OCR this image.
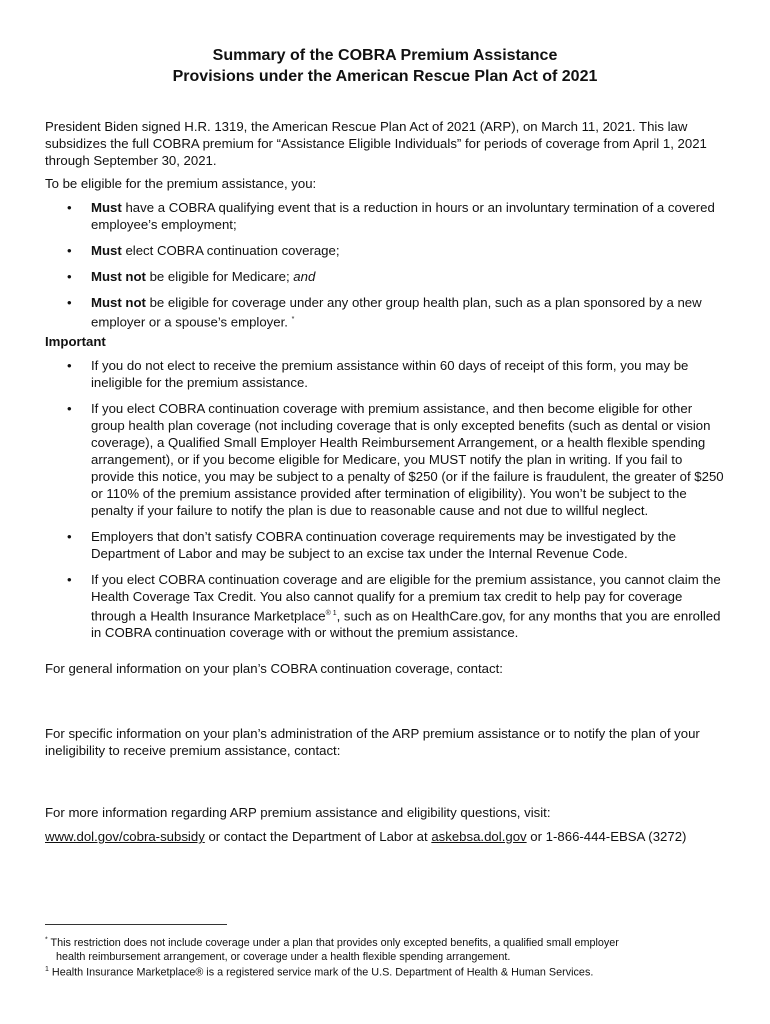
Summary of the COBRA Premium Assistance
Provisions under the American Rescue Plan Act of 2021
President Biden signed H.R. 1319, the American Rescue Plan Act of 2021 (ARP), on March 11, 2021. This law subsidizes the full COBRA premium for “Assistance Eligible Individuals” for periods of coverage from April 1, 2021 through September 30, 2021.
To be eligible for the premium assistance, you:
• Must have a COBRA qualifying event that is a reduction in hours or an involuntary termination of a covered employee’s employment;
• Must elect COBRA continuation coverage;
• Must not be eligible for Medicare; and
• Must not be eligible for coverage under any other group health plan, such as a plan sponsored by a new employer or a spouse’s employer. *
Important
• If you do not elect to receive the premium assistance within 60 days of receipt of this form, you may be ineligible for the premium assistance.
• If you elect COBRA continuation coverage with premium assistance, and then become eligible for other group health plan coverage (not including coverage that is only excepted benefits (such as dental or vision coverage), a Qualified Small Employer Health Reimbursement Arrangement, or a health flexible spending arrangement), or if you become eligible for Medicare, you MUST notify the plan in writing. If you fail to provide this notice, you may be subject to a penalty of $250 (or if the failure is fraudulent, the greater of $250 or 110% of the premium assistance provided after termination of eligibility). You won’t be subject to the penalty if your failure to notify the plan is due to reasonable cause and not due to willful neglect.
• Employers that don’t satisfy COBRA continuation coverage requirements may be investigated by the Department of Labor and may be subject to an excise tax under the Internal Revenue Code.
• If you elect COBRA continuation coverage and are eligible for the premium assistance, you cannot claim the Health Coverage Tax Credit. You also cannot qualify for a premium tax credit to help pay for coverage through a Health Insurance Marketplace$^{® 1}$, such as on HealthCare.gov, for any months that you are enrolled in COBRA continuation coverage with or without the premium assistance.
For general information on your plan’s COBRA continuation coverage, contact:
For specific information on your plan’s administration of the ARP premium assistance or to notify the plan of your ineligibility to receive premium assistance, contact:
For more information regarding ARP premium assistance and eligibility questions, visit:
www.dol.gov/cobra-subsidy or contact the Department of Labor at askebsa.dol.gov or 1-866-444-EBSA (3272)
* This restriction does not include coverage under a plan that provides only excepted benefits, a qualified small employer
health reimbursement arrangement, or coverage under a health flexible spending arrangement.
$^1$ Health Insurance Marketplace® is a registered service mark of the U.S. Department of Health & Human Services.
